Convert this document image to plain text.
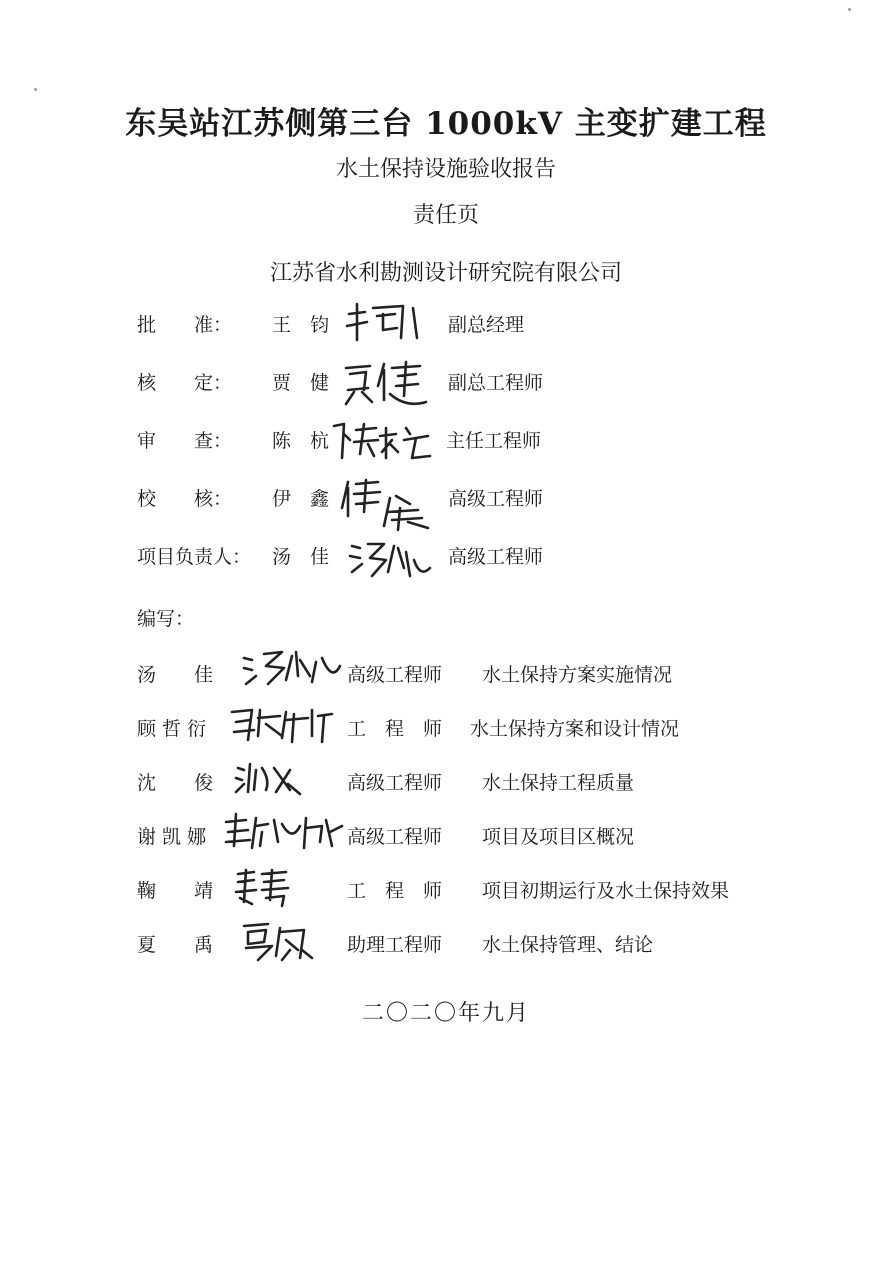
东吴站江苏侧第三台 1000kV 主变扩建工程
水土保持设施验收报告
责任页
江苏省水利勘测设计研究院有限公司
批　　准： 王　钧	副总经理
核　　定： 贾　健	副总工程师
审　　查： 陈　杭	主任工程师
校　　核： 伊　鑫	高级工程师
项目负责人： 汤　佳	高级工程师
编写：
汤　　佳	高级工程师 水土保持方案实施情况
顾 哲 衍	工　程　师 水土保持方案和设计情况
沈　　俊	高级工程师 水土保持工程质量
谢 凯 娜	高级工程师 项目及项目区概况
鞠　　靖	工　程　师 项目初期运行及水土保持效果
夏　　禹	助理工程师 水土保持管理、结论
二〇二〇年九月
